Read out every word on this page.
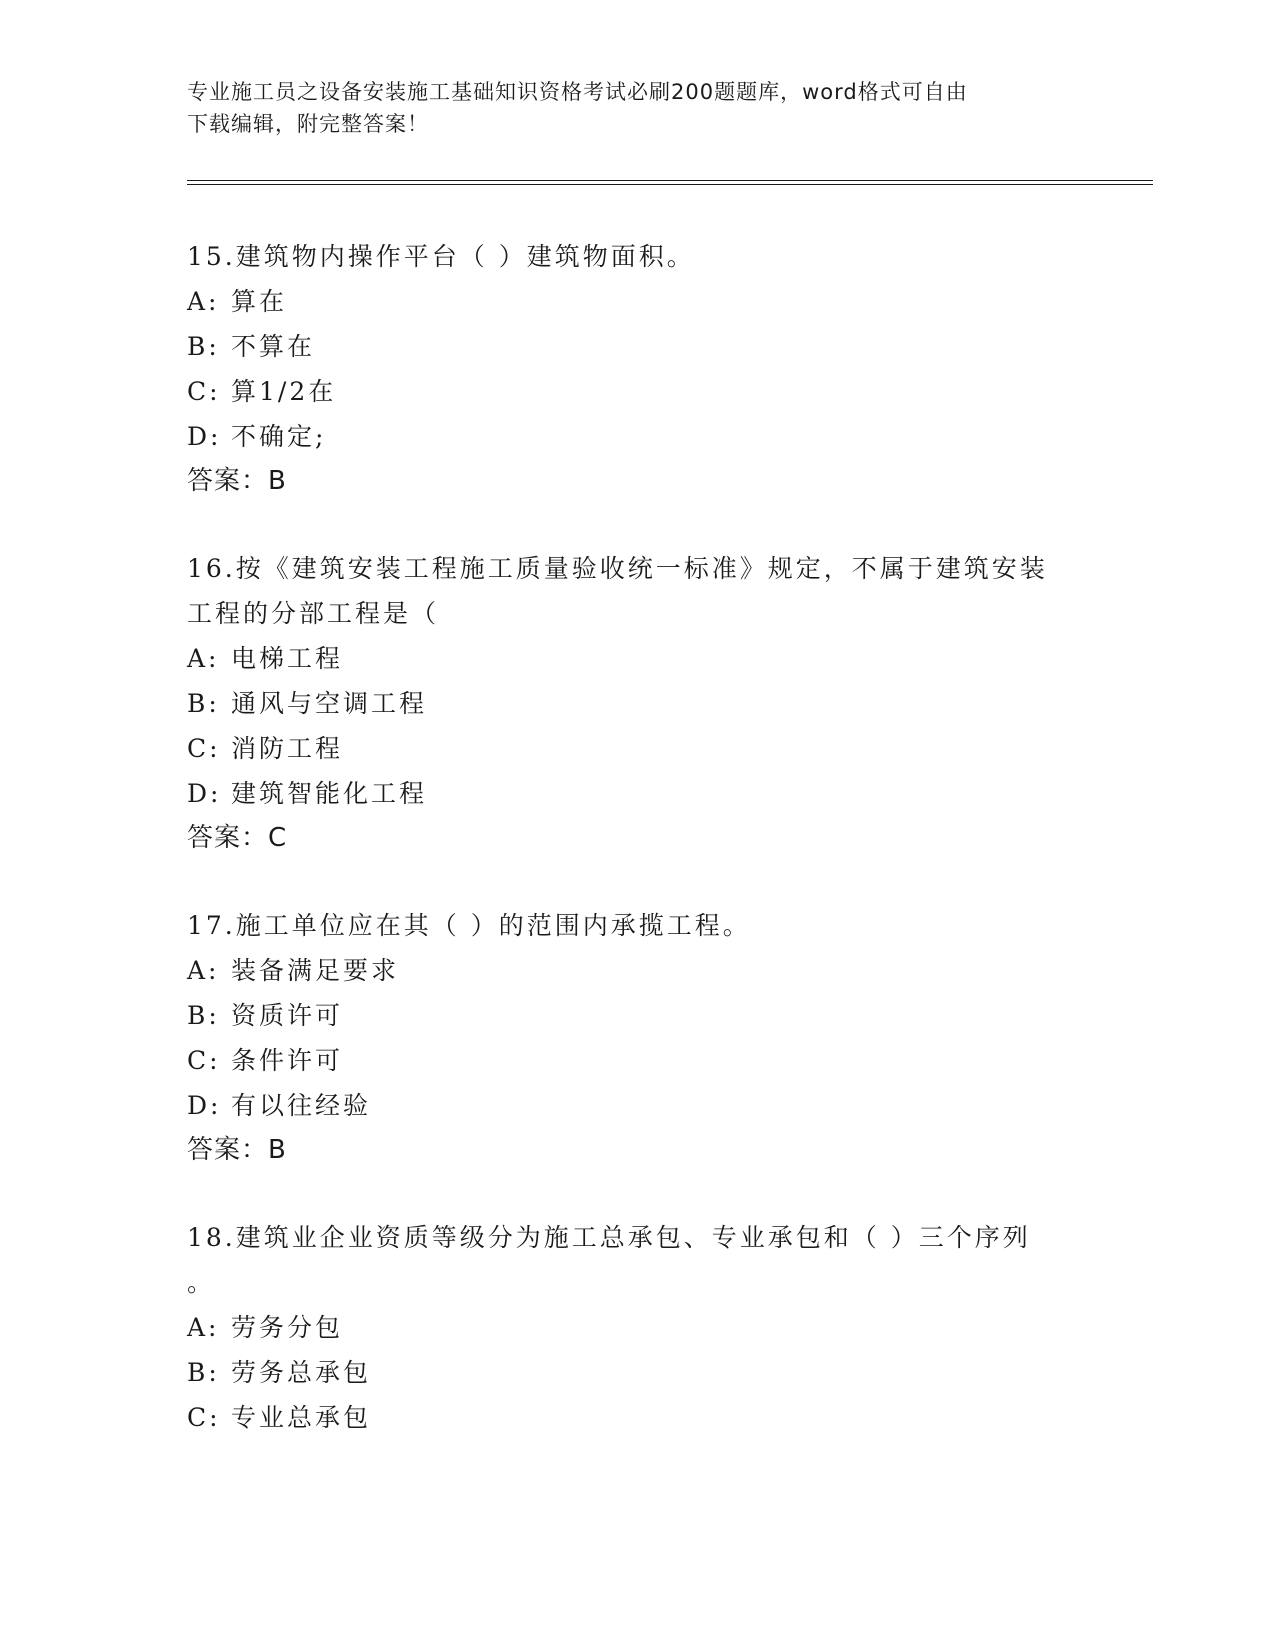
专业施工员之设备安装施工基础知识资格考试必刷200题题库，word格式可自由
下载编辑，附完整答案！
15.建筑物内操作平台（ ）建筑物面积。
A: 算在
B: 不算在
C: 算1/2在
D: 不确定;
答案：B
16.按《建筑安装工程施工质量验收统一标准》规定，不属于建筑安装
工程的分部工程是（
A: 电梯工程
B: 通风与空调工程
C: 消防工程
D: 建筑智能化工程
答案：C
17.施工单位应在其（ ）的范围内承揽工程。
A: 装备满足要求
B: 资质许可
C: 条件许可
D: 有以往经验
答案：B
18.建筑业企业资质等级分为施工总承包、专业承包和（ ）三个序列
。
A: 劳务分包
B: 劳务总承包
C: 专业总承包
